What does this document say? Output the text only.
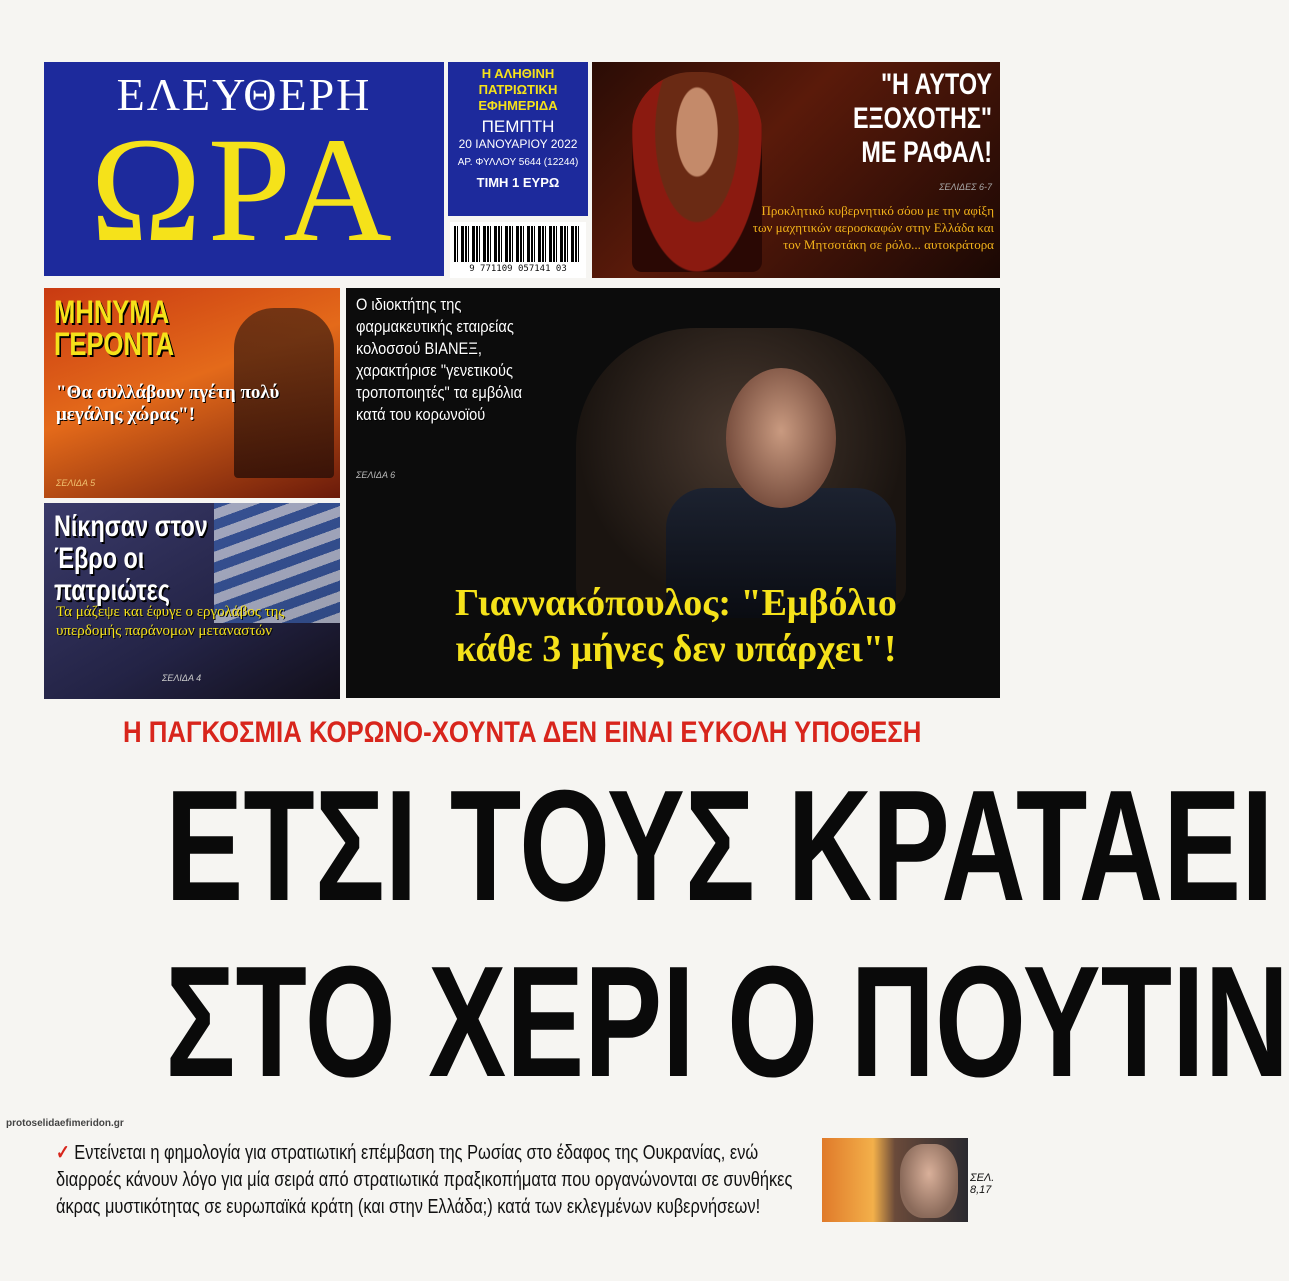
ΕΛΕΥΘΕΡΗ
ΩΡΑ
Η ΑΛΗΘΙΝΗ
ΠΑΤΡΙΩΤΙΚΗ
ΕΦΗΜΕΡΙΔΑ
ΠΕΜΠΤΗ
20 ΙΑΝΟΥΑΡΙΟΥ 2022
ΑΡ. ΦΥΛΛΟΥ 5644 (12244)
ΤΙΜΗ 1 ΕΥΡΩ
9 771109 057141 03
"Η ΑΥΤΟΥ
ΕΞΟΧΟΤΗΣ"
ΜΕ ΡΑΦΑΛ!
ΣΕΛΙΔΕΣ 6-7
Προκλητικό κυβερνητικό σόου με την αφίξη των μαχητικών αεροσκαφών στην Ελλάδα και τον Μητσοτάκη σε ρόλο... αυτοκράτορα
ΜΗΝΥΜΑ
ΓΕΡΟΝΤΑ
"Θα συλλάβουν πγέτη πολύ μεγάλης χώρας"!
ΣΕΛΙΔΑ 5
Νίκησαν στον
Έβρο οι πατριώτες
Τα μάζεψε και έφυγε ο εργολάβος της υπερδομής παράνομων μεταναστών
ΣΕΛΙΔΑ 4
Ο ιδιοκτήτης της φαρμακευτικής εταιρείας κολοσσού ΒΙΑΝΕΞ, χαρακτήρισε "γενετικούς τροποποιητές" τα εμβόλια κατά του κορωνοϊού
ΣΕΛΙΔΑ 6
Γιαννακόπουλος: "Εμβόλιο
κάθε 3 μήνες δεν υπάρχει"!
Η ΠΑΓΚΟΣΜΙΑ ΚΟΡΩΝΟ-ΧΟΥΝΤΑ ΔΕΝ ΕΙΝΑΙ ΕΥΚΟΛΗ ΥΠΟΘΕΣΗ
ΕΤΣΙ ΤΟΥΣ ΚΡΑΤΑΕΙ
ΣΤΟ ΧΕΡΙ Ο ΠΟΥΤΙΝ
protoselidaefimeridon.gr
✓ Εντείνεται η φημολογία για στρατιωτική επέμβαση της Ρωσίας στο έδαφος της Ουκρανίας, ενώ διαρροές κάνουν λόγο για μία σειρά από στρατιωτικά πραξικοπήματα που οργανώνονται σε συνθήκες άκρας μυστικότητας σε ευρωπαϊκά κράτη (και στην Ελλάδα;) κατά των εκλεγμένων κυβερνήσεων!
ΣΕΛ.
8,17
